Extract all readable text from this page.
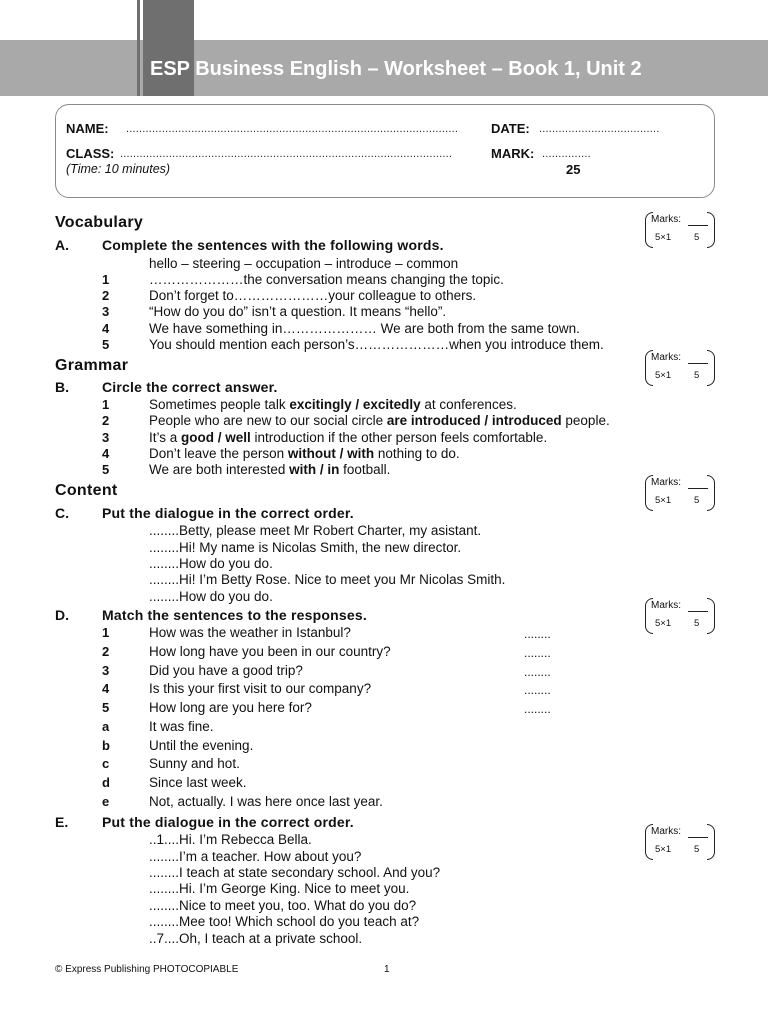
ESP Business English – Worksheet – Book 1, Unit 2
NAME: ......................................................................................................	DATE: .....................................
CLASS: ......................................................................................................	MARK: ...............
(Time: 10 minutes)	25
Vocabulary
A. Complete the sentences with the following words.
hello – steering – occupation – introduce – common
1	…………………the conversation means changing the topic.
2	Don’t forget to…………………your colleague to others.
3	“How do you do” isn’t a question. It means “hello”.
4	We have something in………………… We are both from the same town.
5	You should mention each person’s…………………when you introduce them.
Grammar
B. Circle the correct answer.
1	Sometimes people talk excitingly / excitedly at conferences.
2	People who are new to our social circle are introduced / introduced people.
3	It’s a good / well introduction if the other person feels comfortable.
4	Don’t leave the person without / with nothing to do.
5	We are both interested with / in football.
Content
C. Put the dialogue in the correct order.
........Betty, please meet Mr Robert Charter, my asistant.
........Hi! My name is Nicolas Smith, the new director.
........How do you do.
........Hi! I’m Betty Rose. Nice to meet you Mr Nicolas Smith.
........How do you do.
D. Match the sentences to the responses.
1	How was the weather in Istanbul?	........
2	How long have you been in our country?	........
3	Did you have a good trip?	........
4	Is this your first visit to our company?	........
5	How long are you here for?	........
a	It was fine.
b	Until the evening.
c	Sunny and hot.
d	Since last week.
e	Not, actually. I was here once last year.
E. Put the dialogue in the correct order.
..1....Hi. I’m Rebecca Bella.
........I’m a teacher. How about you?
........I teach at state secondary school. And you?
........Hi. I’m George King. Nice to meet you.
........Nice to meet you, too. What do you do?
........Mee too! Which school do you teach at?
..7....Oh, I teach at a private school.
Marks:
5×1 5
Marks:
5×1 5
Marks:
5×1 5
Marks:
5×1 5
Marks:
5×1 5
© Express Publishing PHOTOCOPIABLE	1
